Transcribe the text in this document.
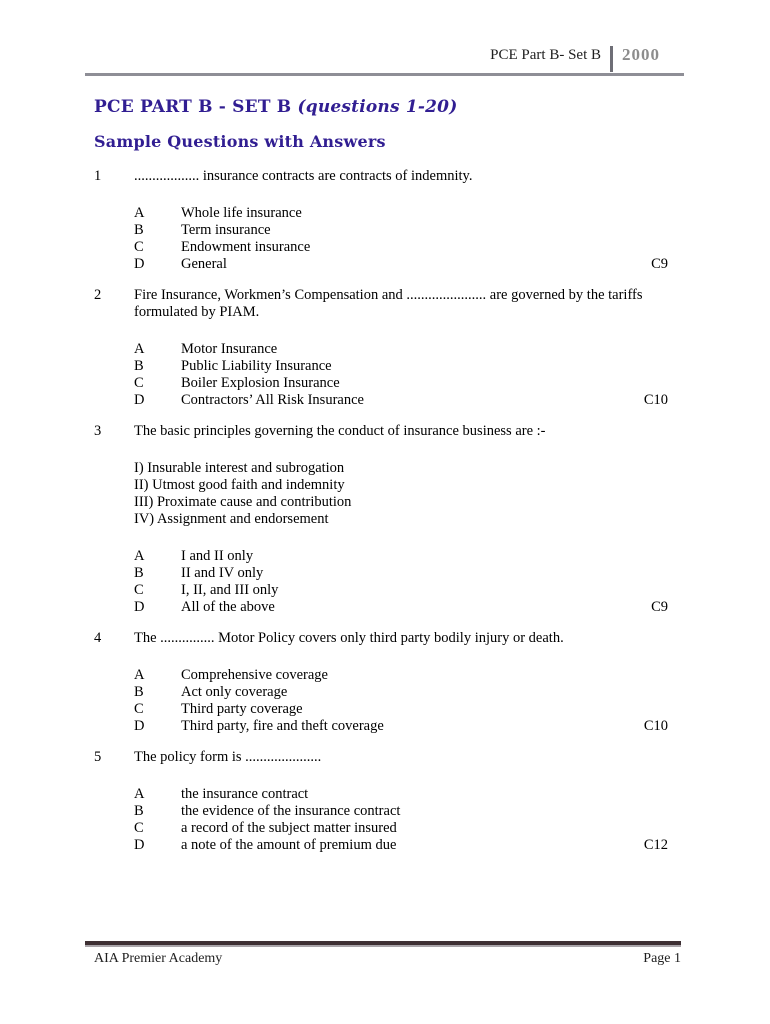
PCE Part B- Set B 2000
PCE PART B - SET B (questions 1-20)
Sample Questions with Answers
1	.................. insurance contracts are contracts of indemnity.
A	Whole life insurance
B	Term insurance
C	Endowment insurance
D	General	C9
2	Fire Insurance, Workmen’s Compensation and ...................... are governed by the tariffs formulated by PIAM.
A	Motor Insurance
B	Public Liability Insurance
C	Boiler Explosion Insurance
D	Contractors’ All Risk Insurance	C10
3	The basic principles governing the conduct of insurance business are :-
I) Insurable interest and subrogation
II) Utmost good faith and indemnity
III) Proximate cause and contribution
IV) Assignment and endorsement
A	I and II only
B	II and IV only
C	I, II, and III only
D	All of the above	C9
4	The ............... Motor Policy covers only third party bodily injury or death.
A	Comprehensive coverage
B	Act only coverage
C	Third party coverage
D	Third party, fire and theft coverage	C10
5	The policy form is .....................
A	the insurance contract
B	the evidence of the insurance contract
C	a record of the subject matter insured
D	a note of the amount of premium due	C12
AIA Premier Academy	Page 1
